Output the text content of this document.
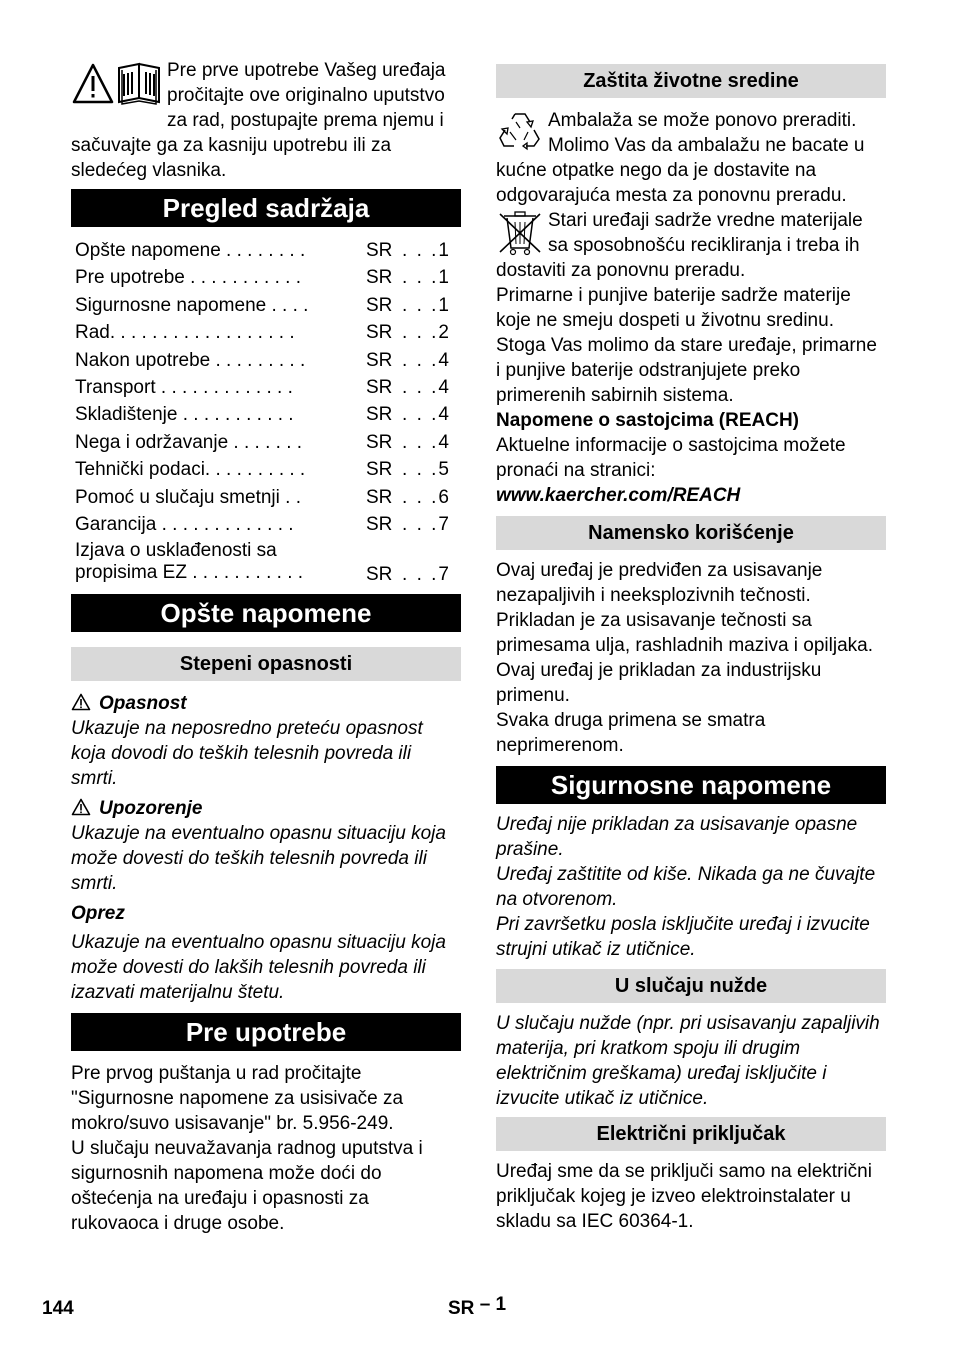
Pre prve upotrebe Vašeg uređaja pročitajte ove originalno uputstvo za rad, postupajte prema njemu i sačuvajte ga za kasniju upotrebu ili za sledećeg vlasnika.

Pregled sadržaja
Opšte napomene . . . . . . . .	SR . . .1
Pre upotrebe . . . . . . . . . . .	SR . . .1
Sigurnosne napomene . . . .	SR . . .1
Rad. . . . . . . . . . . . . . . . . .	SR . . .2
Nakon upotrebe . . . . . . . . .	SR . . .4
Transport . . . . . . . . . . . . .	SR . . .4
Skladištenje . . . . . . . . . . .	SR . . .4
Nega i održavanje . . . . . . .	SR . . .4
Tehnički podaci. . . . . . . . . .	SR . . .5
Pomoć u slučaju smetnji . .	SR . . .6
Garancija . . . . . . . . . . . . .	SR . . .7
Izjava o usklađenosti sa propisima EZ . . . . . . . . . . .	SR . . .7
Opšte napomene
Stepeni opasnosti
Opasnost

Ukazuje na neposredno preteću opasnost koja dovodi do teških telesnih povreda ili smrti.

Upozorenje

Ukazuje na eventualno opasnu situaciju koja može dovesti do teških telesnih povreda ili smrti.

Oprez

Ukazuje na eventualno opasnu situaciju koja može dovesti do lakših telesnih povreda ili izazvati materijalnu štetu.

Pre upotrebe

Pre prvog puštanja u rad pročitajte "Sigurnosne napomene za usisivače za mokro/suvo usisavanje" br. 5.956-249.

U slučaju neuvažavanja radnog uputstva i sigurnosnih napomena može doći do oštećenja na uređaju i opasnosti za rukovaoca i druge osobe.

Zaštita životne sredine

Ambalaža se može ponovo preraditi. Molimo Vas da ambalažu ne bacate u kućne otpatke nego da je dostavite na odgovarajuća mesta za ponovnu preradu.

Stari uređaji sadrže vredne materijale sa sposobnošću recikliranja i treba ih dostaviti za ponovnu preradu.

Primarne i punjive baterije sadrže materije koje ne smeju dospeti u životnu sredinu. Stoga Vas molimo da stare uređaje, primarne i punjive baterije odstranjujete preko primerenih sabirnih sistema.

Napomene o sastojcima (REACH)

Aktuelne informacije o sastojcima možete pronaći na stranici:

www.kaercher.com/REACH

Namensko korišćenje

Ovaj uređaj je predviđen za usisavanje nezapaljivih i neeksplozivnih tečnosti.

Prikladan je za usisavanje tečnosti sa primesama ulja, rashladnih maziva i opiljaka.

Ovaj uređaj je prikladan za industrijsku primenu.

Svaka druga primena se smatra neprimerenom.

Sigurnosne napomene

Uređaj nije prikladan za usisavanje opasne prašine.

Uređaj zaštitite od kiše. Nikada ga ne čuvajte na otvorenom.

Pri završetku posla isključite uređaj i izvucite strujni utikač iz utičnice.

U slučaju nužde

U slučaju nužde (npr. pri usisavanju zapaljivih materija, pri kratkom spoju ili drugim električnim greškama) uređaj isključite i izvucite utikač iz utičnice.

Električni priključak

Uređaj sme da se priključi samo na električni priključak kojeg je izveo elektroinstalater u skladu sa IEC 60364-1.

144	SR – 1
